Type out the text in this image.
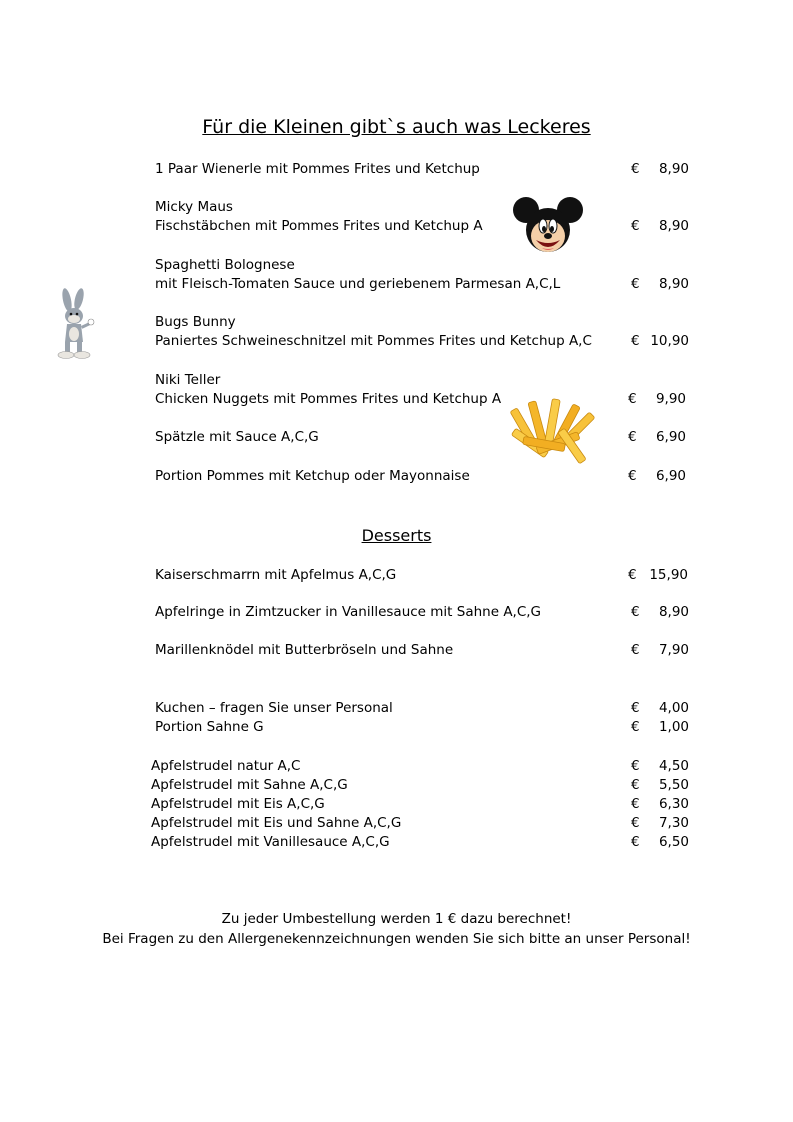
Für die Kleinen gibt`s auch was Leckeres
1 Paar Wienerle mit Pommes Frites und Ketchup	€	8,90
Micky Maus
Fischstäbchen mit Pommes Frites und Ketchup A	€	8,90
Spaghetti Bolognese
mit Fleisch-Tomaten Sauce und geriebenem Parmesan A,C,L	€	8,90
Bugs Bunny
Paniertes Schweineschnitzel mit Pommes Frites und Ketchup A,C	€ 10,90
Niki Teller
Chicken Nuggets mit Pommes Frites und Ketchup A	€	9,90
Spätzle mit Sauce A,C,G	€	6,90
Portion Pommes mit Ketchup oder Mayonnaise	€	6,90
Desserts
Kaiserschmarrn mit Apfelmus A,C,G	€ 15,90
Apfelringe in Zimtzucker in Vanillesauce mit Sahne A,C,G	€	8,90
Marillenknödel mit Butterbröseln und Sahne	€	7,90
Kuchen – fragen Sie unser Personal	€	4,00
Portion Sahne G	€	1,00
Apfelstrudel natur A,C	€	4,50
Apfelstrudel mit Sahne A,C,G	€	5,50
Apfelstrudel mit Eis A,C,G	€	6,30
Apfelstrudel mit Eis und Sahne A,C,G	€	7,30
Apfelstrudel mit Vanillesauce A,C,G	€	6,50
Zu jeder Umbestellung werden 1 € dazu berechnet!
Bei Fragen zu den Allergenekennzeichnungen wenden Sie sich bitte an unser Personal!
